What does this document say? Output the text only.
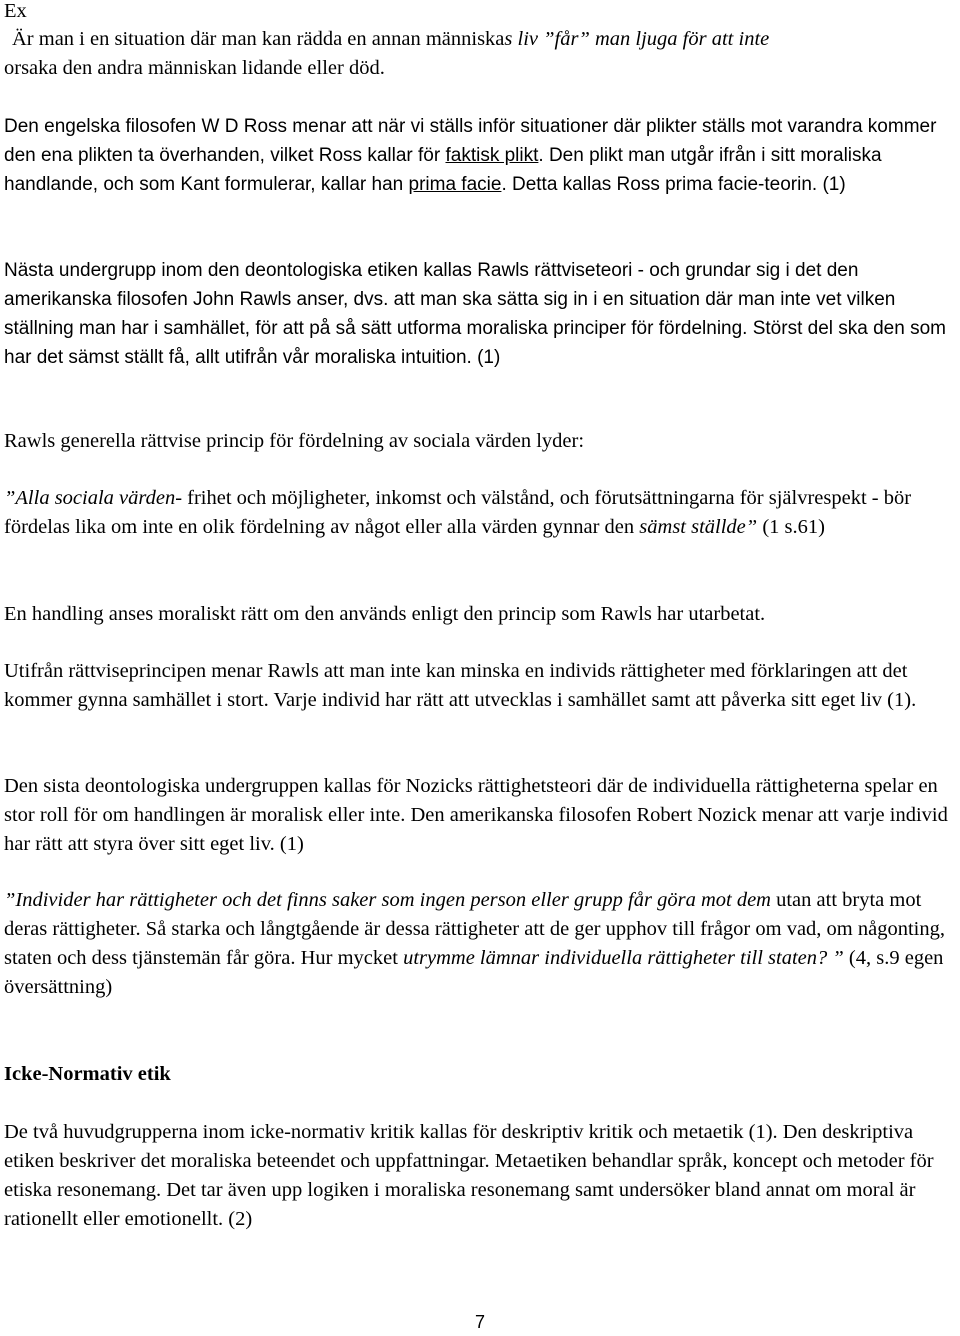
Ex

Är man i en situation där man kan rädda en annan människas liv ”får” man ljuga för att inte
orsaka den andra människan lidande eller död.

Den engelska filosofen W D Ross menar att när vi ställs inför situationer där plikter ställs mot varandra kommer den ena plikten ta överhanden, vilket Ross kallar för faktisk plikt. Den plikt man utgår ifrån i sitt moraliska handlande, och som Kant formulerar, kallar han prima facie. Detta kallas Ross prima facie-teorin. (1)

Nästa undergrupp inom den deontologiska etiken kallas Rawls rättviseteori - och grundar sig i det den amerikanska filosofen John Rawls anser, dvs. att man ska sätta sig in i en situation där man inte vet vilken ställning man har i samhället, för att på så sätt utforma moraliska principer för fördelning. Störst del ska den som har det sämst ställt få, allt utifrån vår moraliska intuition. (1)

Rawls generella rättvise princip för fördelning av sociala värden lyder:

”Alla sociala värden- frihet och möjligheter, inkomst och välstånd, och förutsättningarna för självrespekt - bör fördelas lika om inte en olik fördelning av något eller alla värden gynnar den sämst ställde” (1 s.61)

En handling anses moraliskt rätt om den används enligt den princip som Rawls har utarbetat.

Utifrån rättviseprincipen menar Rawls att man inte kan minska en individs rättigheter med förklaringen att det kommer gynna samhället i stort. Varje individ har rätt att utvecklas i samhället samt att påverka sitt eget liv (1).

Den sista deontologiska undergruppen kallas för Nozicks rättighetsteori där de individuella rättigheterna spelar en stor roll för om handlingen är moralisk eller inte. Den amerikanska filosofen Robert Nozick menar att varje individ har rätt att styra över sitt eget liv. (1)

”Individer har rättigheter och det finns saker som ingen person eller grupp får göra mot dem utan att bryta mot deras rättigheter. Så starka och långtgående är dessa rättigheter att de ger upphov till frågor om vad, om någonting, staten och dess tjänstemän får göra. Hur mycket utrymme lämnar individuella rättigheter till staten? ” (4, s.9 egen översättning)

Icke-Normativ etik

De två huvudgrupperna inom icke-normativ kritik kallas för deskriptiv kritik och metaetik (1). Den deskriptiva etiken beskriver det moraliska beteendet och uppfattningar. Metaetiken behandlar språk, koncept och metoder för etiska resonemang. Det tar även upp logiken i moraliska resonemang samt undersöker bland annat om moral är rationellt eller emotionellt. (2)

7
